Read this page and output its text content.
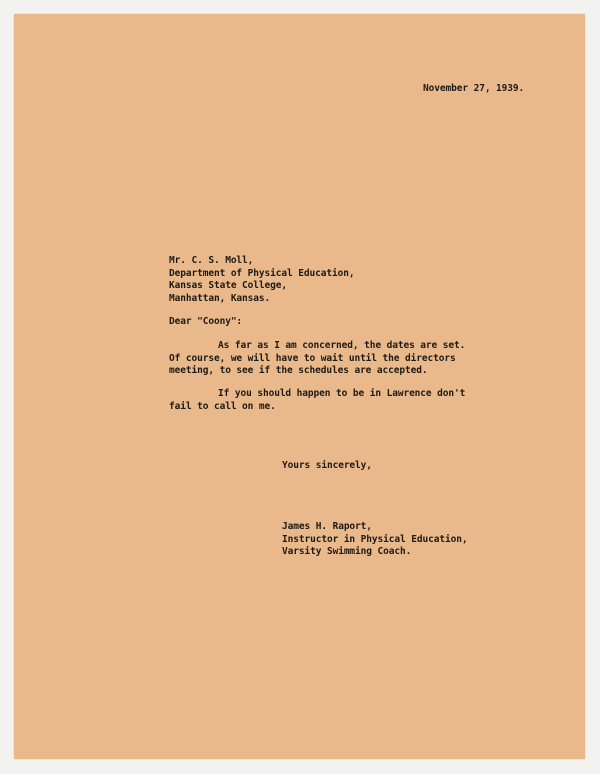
November 27, 1939.
Mr. C. S. Moll,
Department of Physical Education,
Kansas State College,
Manhattan, Kansas.
Dear "Coony":
As far as I am concerned, the dates are set.
Of course, we will have to wait until the directors
meeting, to see if the schedules are accepted.
If you should happen to be in Lawrence don't
fail to call on me.
Yours sincerely,
James H. Raport,
Instructor in Physical Education,
Varsity Swimming Coach.
